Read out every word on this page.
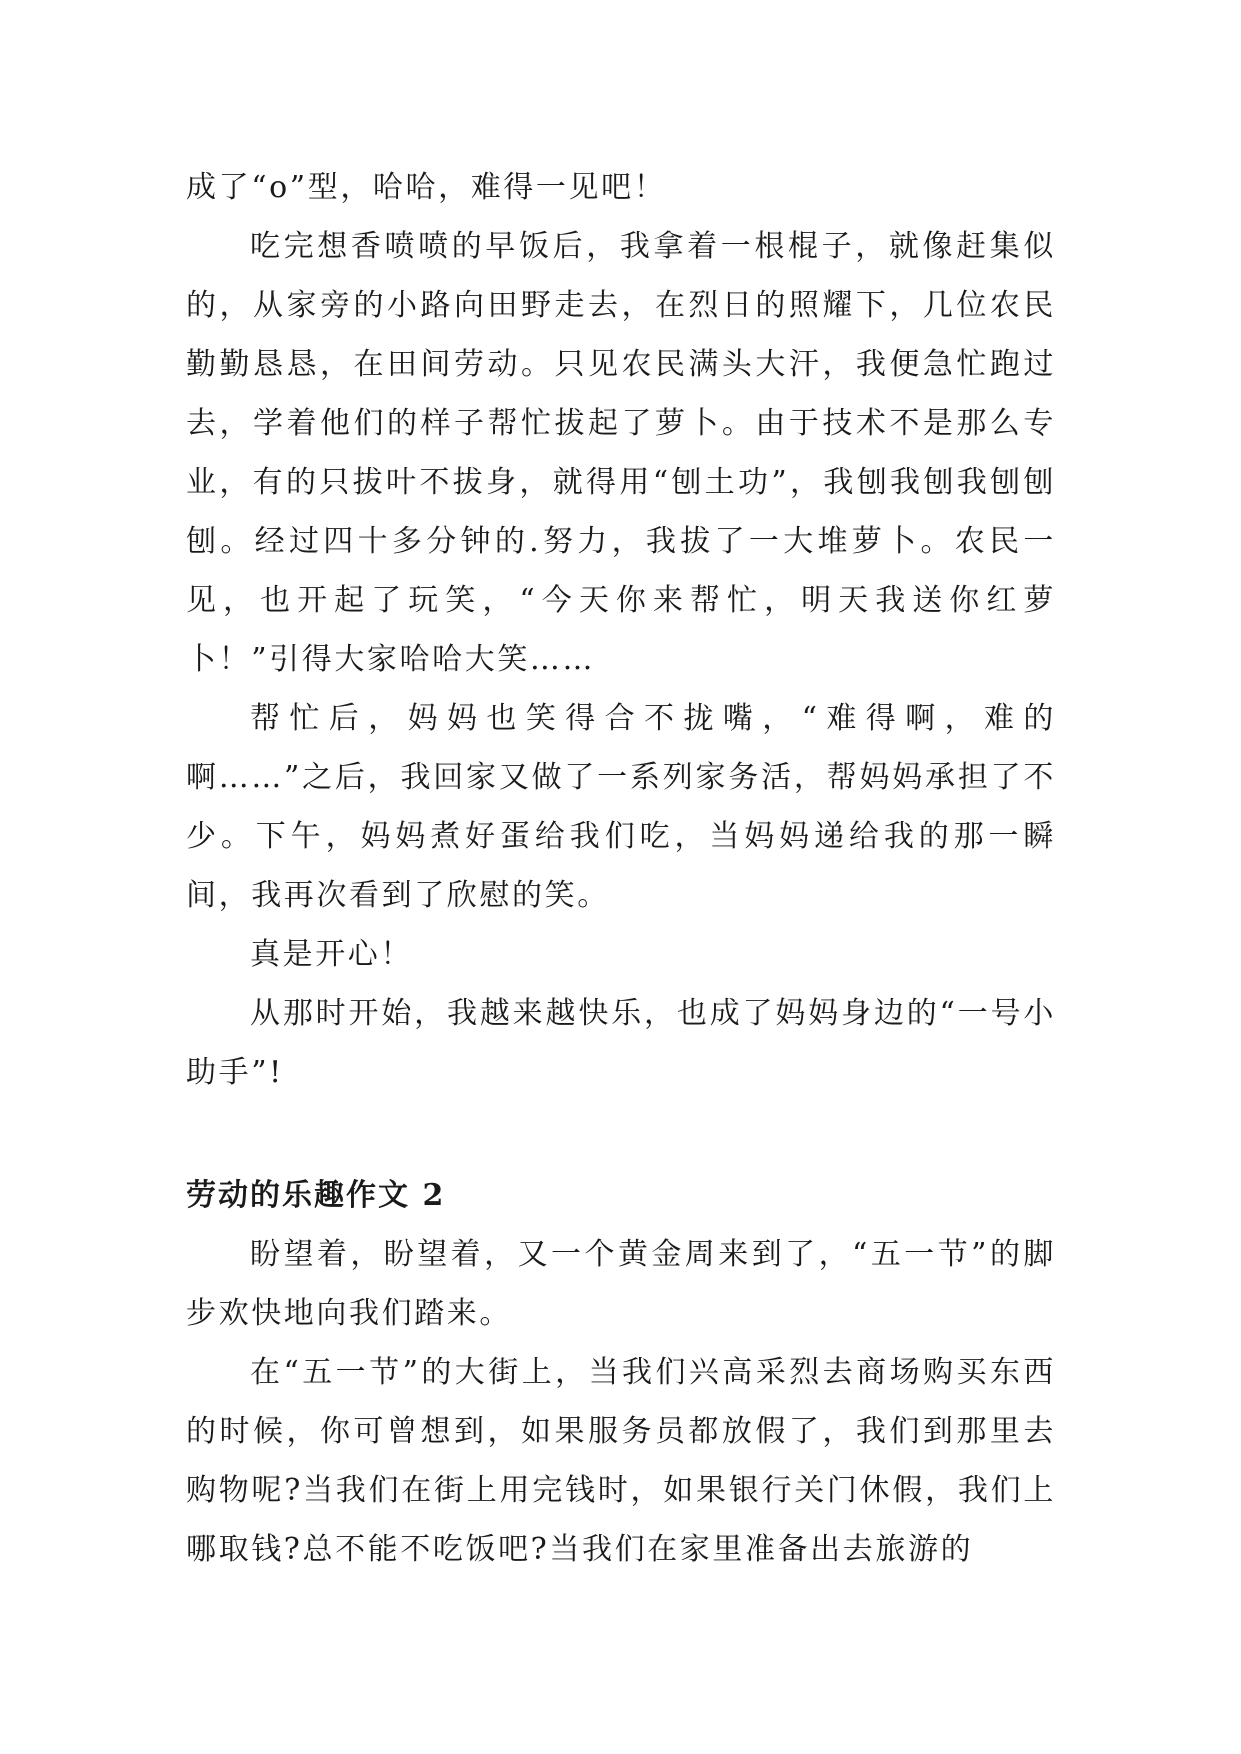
成了“o”型，哈哈，难得一见吧！

吃完想香喷喷的早饭后，我拿着一根棍子，就像赶集似的，从家旁的小路向田野走去，在烈日的照耀下，几位农民勤勤恳恳，在田间劳动。只见农民满头大汗，我便急忙跑过去，学着他们的样子帮忙拔起了萝卜。由于技术不是那么专业，有的只拔叶不拔身，就得用“刨土功”，我刨我刨我刨刨刨。经过四十多分钟的.努力，我拔了一大堆萝卜。农民一见，也开起了玩笑，“今天你来帮忙，明天我送你红萝卜！”引得大家哈哈大笑……

帮忙后，妈妈也笑得合不拢嘴，“难得啊，难的啊……”之后，我回家又做了一系列家务活，帮妈妈承担了不少。下午，妈妈煮好蛋给我们吃，当妈妈递给我的那一瞬间，我再次看到了欣慰的笑。

真是开心！

从那时开始，我越来越快乐，也成了妈妈身边的“一号小助手”!

劳动的乐趣作文 2

盼望着，盼望着，又一个黄金周来到了，“五一节”的脚步欢快地向我们踏来。

在“五一节”的大街上，当我们兴高采烈去商场购买东西的时候，你可曾想到，如果服务员都放假了，我们到那里去购物呢?当我们在街上用完钱时，如果银行关门休假，我们上哪取钱?总不能不吃饭吧?当我们在家里准备出去旅游的
